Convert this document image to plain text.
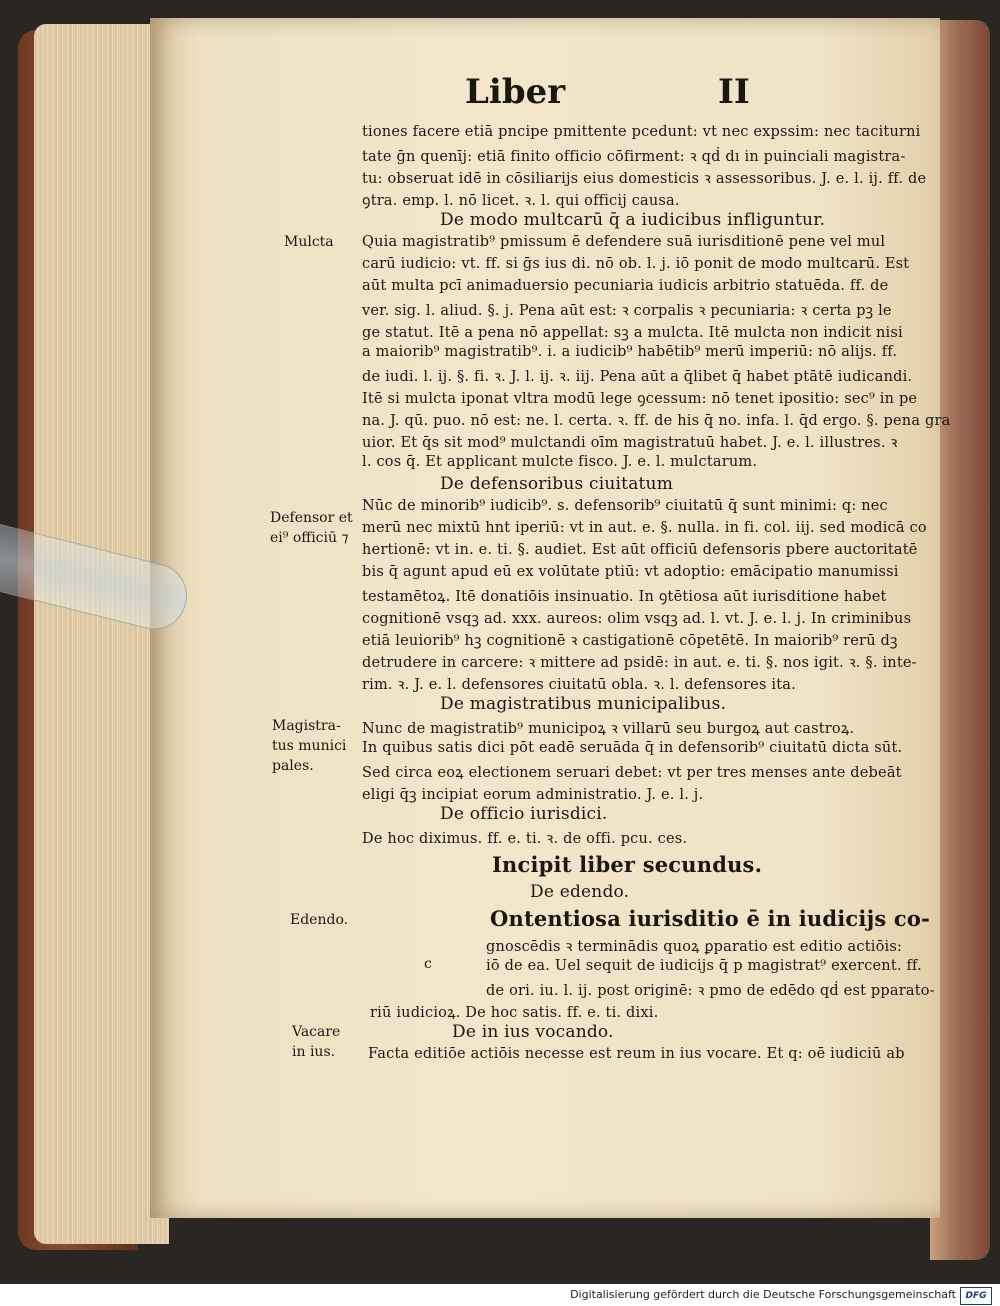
Liber	II
tiones facere etiā pncipe pmittente pcedunt: vt nec expssim: nec taciturni
tate ḡn quenīj: etiā finito officio cōfirment: ꝛ qḋ dı in puinciali magistra-
tu: obseruat idē in cōsiliarijs eius domesticis ꝛ assessoribus. J. e. l. ij. ff. de
ꝯtra. emp. l. nō licet. ꝛ. l. qui officij causa.
De modo multcarū q̄ a iudicibus infliguntur.
Quia magistratib⁹ pmissum ē defendere suā iurisditionē pene vel mul
carū iudicio: vt. ff. si ḡs ius di. nō ob. l. j. iō ponit de modo multcarū. Est
aūt multa pcī animaduersio pecuniaria iudicis arbitrio statuēda. ff. de
ver. sig. l. aliud. §. j. Pena aūt est: ꝛ corpalis ꝛ pecuniaria: ꝛ certa pꝫ le
ge statut. Itē a pena nō appellat: sꝫ a mulcta. Itē mulcta non indicit nisi
a maiorib⁹ magistratib⁹. i. a iudicib⁹ habētib⁹ merū imperiū: nō alijs. ff.
de iudi. l. ij. §. fi. ꝛ. J. l. ij. ꝛ. iij. Pena aūt a q̄libet q̄ habet ptātē iudicandi.
Itē si mulcta iponat vltra modū lege ꝯcessum: nō tenet ipositio: sec⁹ in pe
na. J. qū. puo. nō est: ne. l. certa. ꝛ. ff. de his q̄ no. infa. l. q̄d ergo. §. pena gra
uior. Et q̄s sit mod⁹ mulctandi oīm magistratuū habet. J. e. l. illustres. ꝛ
l. cos q̄. Et applicant mulcte fisco. J. e. l. mulctarum.
De defensoribus ciuitatum
Nūc de minorib⁹ iudicib⁹. s. defensorib⁹ ciuitatū q̄ sunt minimi: q: nec
merū nec mixtū hnt iperiū: vt in aut. e. §. nulla. in fi. col. iij. sed modicā co
hertionē: vt in. e. ti. §. audiet. Est aūt officiū defensoris pbere auctoritatē
bis q̄ agunt apud eū ex volūtate ptiū: vt adoptio: emācipatio manumissi
testamētoꝝ. Itē donatiōis insinuatio. In ꝯtētiosa aūt iurisditione habet
cognitionē vsqꝫ ad. xxx. aureos: olim vsqꝫ ad. l. vt. J. e. l. j. In criminibus
etiā leuiorib⁹ hꝫ cognitionē ꝛ castigationē cōpetētē. In maiorib⁹ rerū dꝫ
detrudere in carcere: ꝛ mittere ad psidē: in aut. e. ti. §. nos igit. ꝛ. §. inte-
rim. ꝛ. J. e. l. defensores ciuitatū obla. ꝛ. l. defensores ita.
De magistratibus municipalibus.
Nunc de magistratib⁹ municipoꝝ ꝛ villarū seu burgoꝝ aut castroꝝ.
In quibus satis dici pōt eadē seruāda q̄ in defensorib⁹ ciuitatū dicta sūt.
Sed circa eoꝝ electionem seruari debet: vt per tres menses ante debeāt
eligi q̄ꝫ incipiat eorum administratio. J. e. l. j.
De officio iurisdici.
De hoc diximus. ff. e. ti. ꝛ. de offi. pcu. ces.
Incipit liber secundus.
De edendo.
Ontentiosa iurisditio ē in iudicijs co-
gnoscēdis ꝛ terminādis quoꝝ ꝑparatio est editio actiōis:
iō de ea. Uel sequit de iudicijs q̄ p magistrat⁹ exercent. ff.
de ori. iu. l. ij. post originē: ꝛ pmo de edēdo qḋ est pparato-
riū iudicioꝝ. De hoc satis. ff. e. ti. dixi.
De in ius vocando.
Facta editiōe actiōis necesse est reum in ius vocare. Et q: oē iudiciū ab
Mulcta
Defensor et
ei⁹ officiū ⁊
Magistra-
tus munici
pales.
Edendo.
c
Vacare
in ius.
Digitalisierung gefördert durch die Deutsche Forschungsgemeinschaft	DFG
